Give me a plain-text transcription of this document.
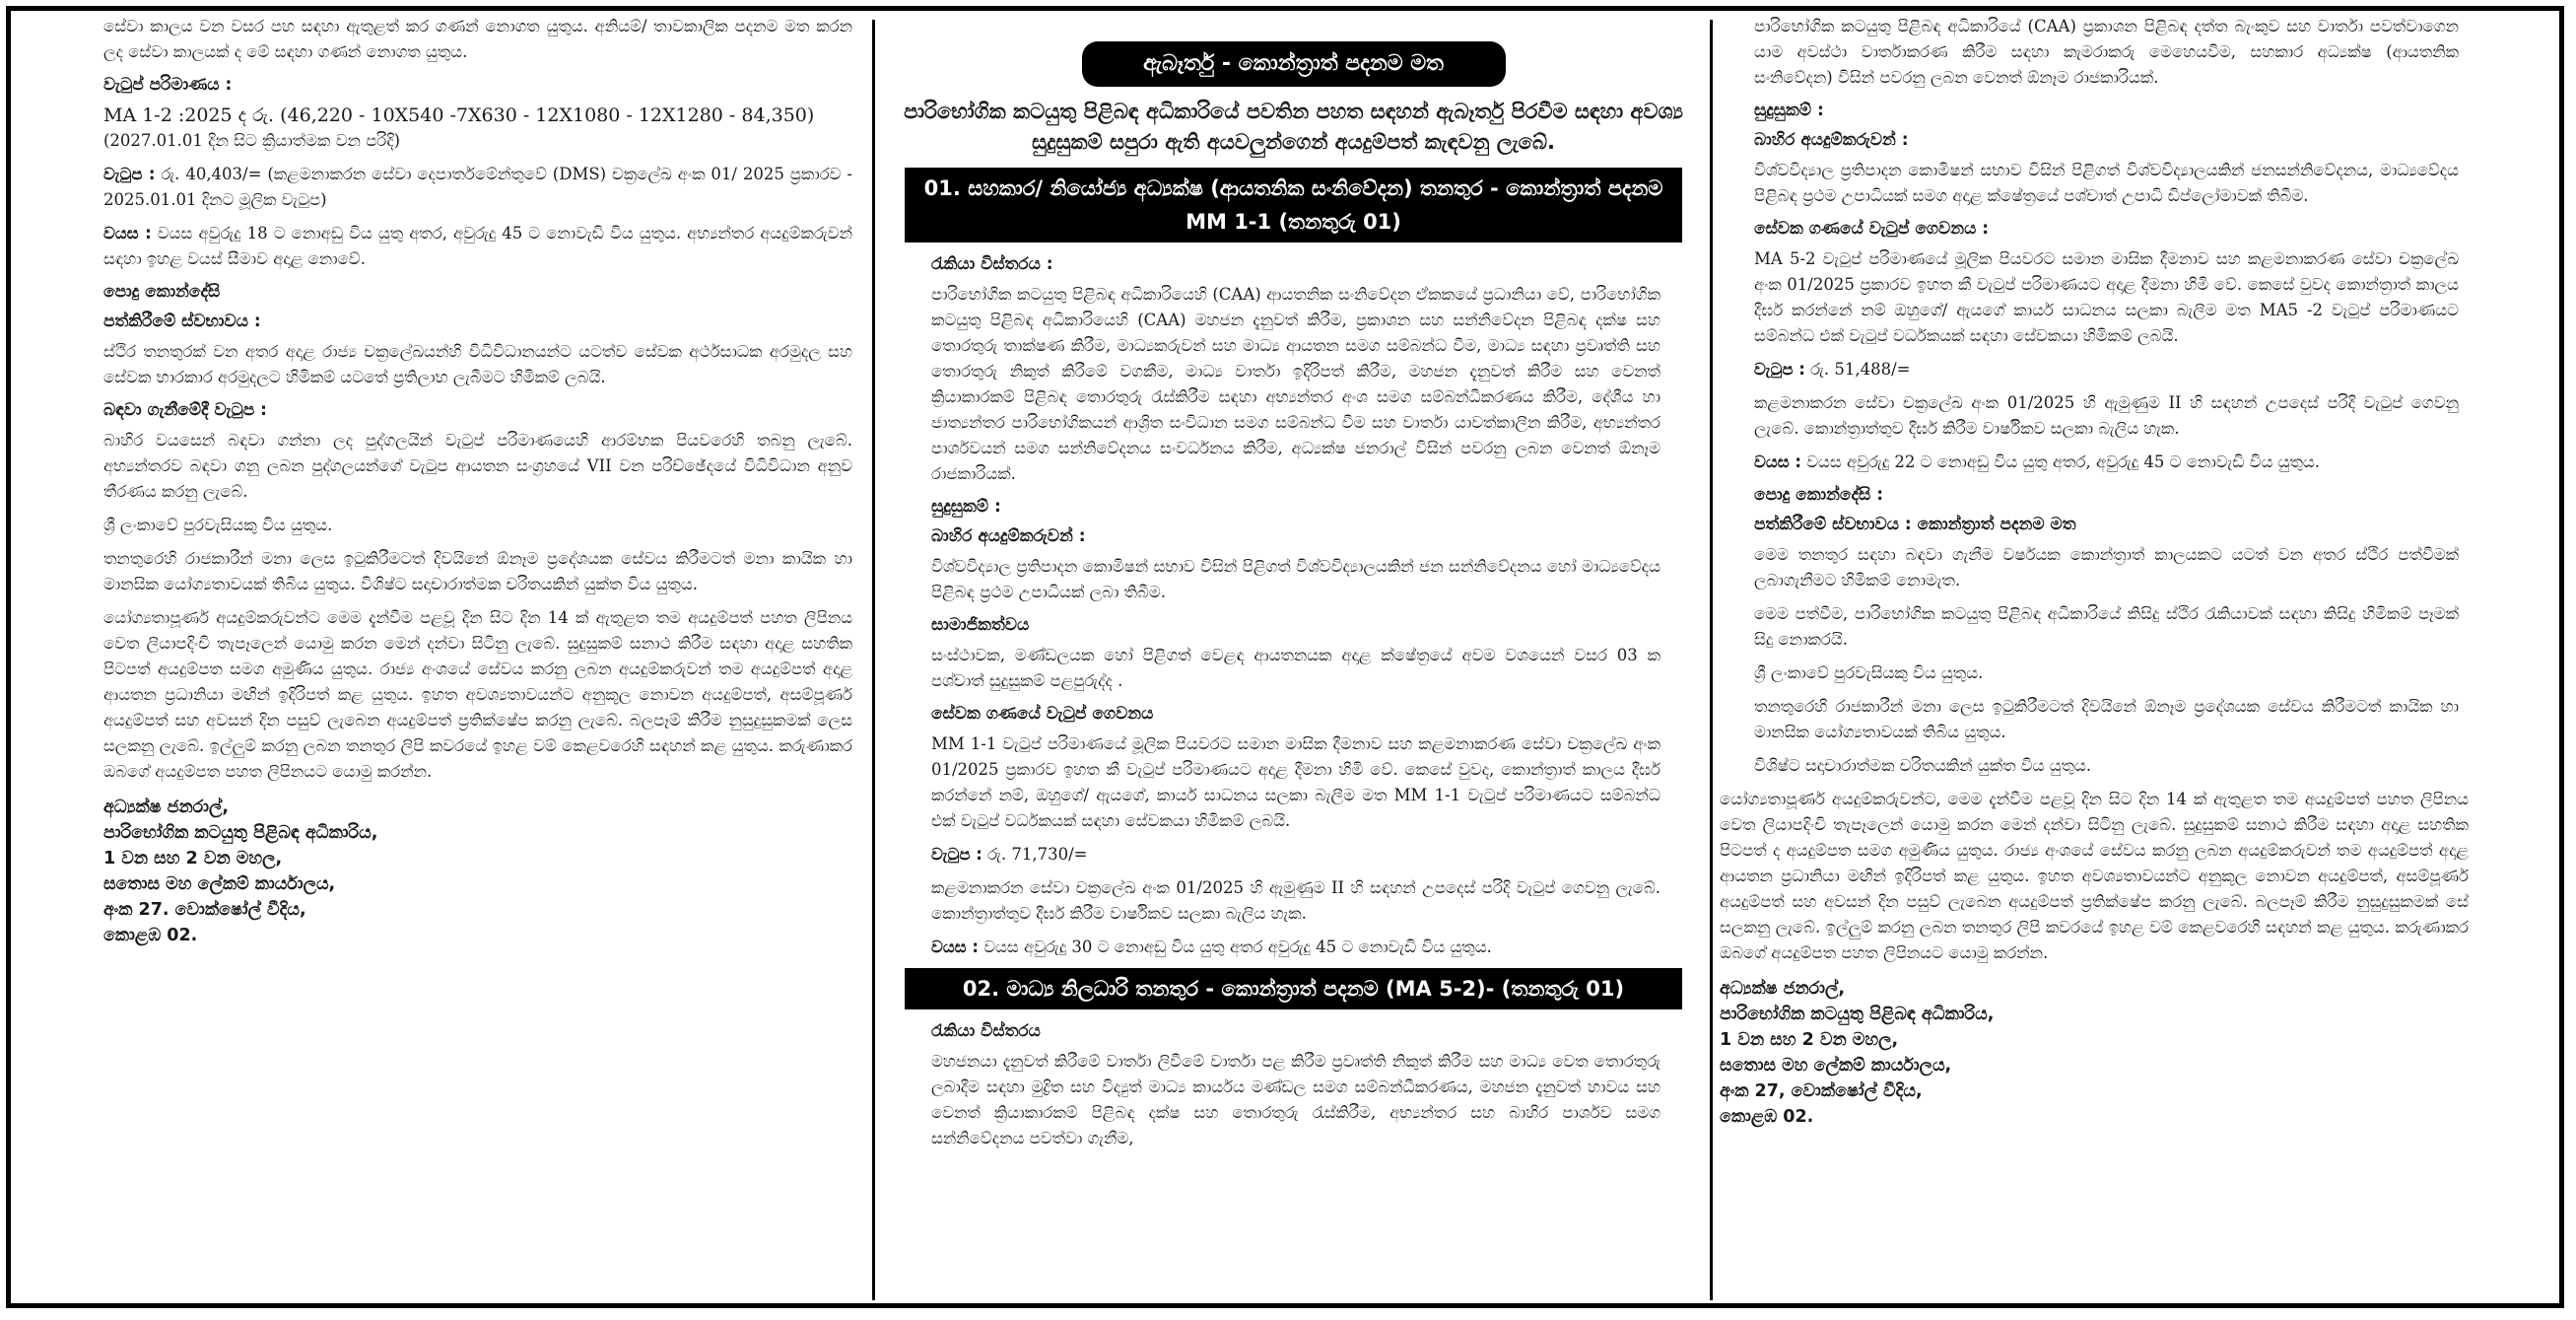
සේවා කාලය වන වසර පහ සඳහා ඇතුළත් කර ගණන් නොගත යුතුය. අනියම්/ තාවකාලික පදනම මත කරන ලද සේවා කාලයක් ද මේ සඳහා ගණන් නොගත යුතුය.

වැටුප් පරිමාණය :

MA 1-2 :2025 ද රු. (46,220 - 10X540 -7X630 - 12X1080 - 12X1280 - 84,350)

(2027.01.01 දින සිට ක්‍රියාත්මක වන පරිදි)

වැටුප : රු. 40,403/= (කළමනාකරන සේවා දෙපාර්තමේන්තුවේ (DMS) චක්‍රලේඛ අංක 01/ 2025 ප්‍රකාරව - 2025.01.01 දිනට මූලික වැටුප)

වයස : වයස අවුරුදු 18 ට නොඅඩු විය යුතු අතර, අවුරුදු 45 ට නොවැඩි විය යුතුය. අභ්‍යන්තර අයදුම්කරුවන් සඳහා ඉහළ වයස් සීමාව අදාළ නොවේ.

පොදු කොන්දේසි
පත්කිරීමේ ස්වභාවය :

ස්ථිර තනතුරක් වන අතර අදාළ රාජ්‍ය චක්‍රලේඛයන්හි විධිවිධානයන්ට යටත්ව සේවක අර්ථසාධක අරමුදල සහ සේවක භාරකාර අරමුදලට හිමිකම් යටතේ ප්‍රතිලාභ ලැබීමට හිමිකම් ලබයි.

බඳවා ගැනීමේදී වැටුප :

බාහිර වයසෙන් බඳවා ගන්නා ලද පුද්ගලයින් වැටුප් පරිමාණයෙහි ආරම්භක පියවරෙහි තබනු ලැබේ. අභ්‍යන්තරව බඳවා ගනු ලබන පුද්ගලයන්ගේ වැටුප ආයතන සංග්‍රහයේ VII වන පරිච්ඡේදයේ විධිවිධාන අනුව තීරණය කරනු ලැබේ.

ශ්‍රී ලංකාවේ පුරවැසියකු විය යුතුය.

තනතුරෙහි රාජකාරීන් මනා ලෙස ඉටුකිරීමටත් දිවයිනේ ඕනෑම ප්‍රදේශයක සේවය කිරීමටත් මනා කායික හා මානසික යෝග්‍යතාවයක් තිබිය යුතුය. විශිෂ්ට සදාචාරාත්මක චරිතයකින් යුක්ත විය යුතුය.

යෝග්‍යතාපූර්ණ අයදුම්කරුවන්ට මෙම දැන්වීම පළවූ දින සිට දින 14 ක් ඇතුළත තම අයදුම්පත් පහත ලිපිනය වෙත ලියාපදිංචි තැපෑලෙන් යොමු කරන මෙන් දන්වා සිටිනු ලැබේ. සුදුසුකම් සනාථ කිරීම සඳහා අදාළ සහතික පිටපත් අයදුම්පත සමග අමුණිය යුතුය. රාජ්‍ය අංශයේ සේවය කරනු ලබන අයදුම්කරුවන් තම අයදුම්පත් අදාළ ආයතන ප්‍රධානියා මඟින් ඉදිරිපත් කළ යුතුය. ඉහත අවශ්‍යතාවයන්ට අනුකූල නොවන අයදුම්පත්, අසම්පූර්ණ අයදුම්පත් සහ අවසන් දින පසුව් ලැබෙන අයදුම්පත් ප්‍රතික්ෂේප කරනු ලැබේ. බලපෑම් කිරීම නුසුදුසුකමක් ලෙස සලකනු ලැබේ. ඉල්ලුම් කරනු ලබන තනතුර ලිපි කවරයේ ඉහළ වම් කෙළවරෙහි සඳහන් කළ යුතුය. කරුණාකර ඔබගේ අයදුම්පත පහත ලිපිනයට යොමු කරන්න.

අධ්‍යක්ෂ ජනරාල්,
පාරිභෝගික කටයුතු පිළිබඳ අධිකාරිය,
1 වන සහ 2 වන මහල,
සතොස මහ ලේකම් කාර්යාලය,
අංක 27. වොක්ෂෝල් වීදිය,
කොළඹ 02.
ඇබෑර්තු - කොන්ත්‍රාත් පදනම මත
පාරිභෝගික කටයුතු පිළිබඳ අධිකාරියේ පවතින පහත සඳහන් ඇබෑර්තු පිරවීම සඳහා අවශ්‍ය සුදුසුකම් සපුරා ඇති අයවලුන්ගෙන් අයදුම්පත් කැඳවනු ලැබේ.
01. සහකාර/ නියෝජ්‍ය අධ්‍යක්ෂ (ආයතනික සංනිවේදන) තනතුර - කොන්ත්‍රාත් පදනම MM 1-1 (තනතුරු 01)
රැකියා විස්තරය :

පාරිභෝගික කටයුතු පිළිබඳ අධිකාරියෙහි (CAA) ආයතනික සංනිවේදන ඒකකයේ ප්‍රධානියා වේ, පාරිභෝගික කටයුතු පිළිබඳ අධිකාරියෙහි (CAA) මහජන දැනුවත් කිරීම, ප්‍රකාශන සහ සන්නිවේදන පිළිබඳ දක්ෂ සහ තොරතුරු තාක්ෂණ කිරීම, මාධ්‍යකරුවන් සහ මාධ්‍ය ආයතන සමග සම්බන්ධ වීම, මාධ්‍ය සඳහා ප්‍රවෘත්ති සහ තොරතුරු නිකුත් කිරීමේ වගකීම, මාධ්‍ය වාර්තා ඉදිරිපත් කිරීම, මහජන දැනුවත් කිරීම සහ වෙනත් ක්‍රියාකාරකම් පිළිබඳ තොරතුරු රැස්කිරීම සඳහා අභ්‍යන්තර අංශ සමග සම්බන්ධීකරණය කිරීම, දේශීය හා ජාත්‍යන්තර පාරිභෝගිකයන් ආශ්‍රිත සංවිධාන සමග සම්බන්ධ වීම සහ වාර්තා යාවත්කාලීන කිරීම, අභ්‍යන්තර පාර්ශවයන් සමග සන්නිවේදනය සංවර්ධනය කිරීම, අධ්‍යක්ෂ ජනරාල් විසින් පවරනු ලබන වෙනත් ඕනෑම රාජකාරියක්.

සුදුසුකම් :
බාහිර අයදුම්කරුවන් :

විශ්වවිද්‍යාල ප්‍රතිපාදන කොමිෂන් සභාව විසින් පිළිගත් විශ්වවිද්‍යාලයකින් ජන සන්නිවේදනය හෝ මාධ්‍යවේදය පිළිබඳ ප්‍රථම උපාධියක් ලබා තිබීම.

සාමාජිකත්වය

සංස්ථාවක, මණ්ඩලයක හෝ පිළිගත් වෙළඳ ආයතනයක අදාළ ක්ෂේත්‍රයේ අවම වශයෙන් වසර 03 ක පශ්චාත් සුදුසුකම් පළපුරුද්ද .

සේවක ගණයේ වැටුප් ගෙවනය

MM 1-1 වැටුප් පරිමාණයේ මූලික පියවරට සමාන මාසික දීමනාව සහ කළමනාකරණ සේවා චක්‍රලේඛ අංක 01/2025 ප්‍රකාරව ඉහත කී වැටුප් පරිමාණයට අදාළ දීමනා හිමි වේ. කෙසේ වුවද, කොන්ත්‍රාත් කාලය දීර්ඝ කරන්නේ නම්, ඔහුගේ/ ඇයගේ, කාර්ය සාධනය සලකා බැලීම මත MM 1-1 වැටුප් පරිමාණයට සම්බන්ධ එක් වැටුප් වර්ධකයක් සඳහා සේවකයා හිමිකම් ලබයි.

වැටුප : රු. 71,730/=

කළමනාකරන සේවා චක්‍රලේඛ අංක 01/2025 හි ඇමුණුම II හි සඳහන් උපදෙස් පරිදි වැටුප් ගෙවනු ලැබේ. කොන්ත්‍රාත්තුව දීර්ඝ කිරීම වාර්ෂිකව සලකා බැලිය හැක.

වයස : වයස අවුරුදු 30 ට නොඅඩු විය යුතු අතර අවුරුදු 45 ට නොවැඩි විය යුතුය.

02. මාධ්‍ය නිලධාරි තනතුර - කොන්ත්‍රාත් පදනම (MA 5-2)- (තනතුරු 01)
රැකියා විස්තරය

මහජනයා දැනුවත් කිරීමේ වාර්තා ලිවීමේ වාර්තා පළ කිරීම ප්‍රවෘත්ති නිකුත් කිරීම සහ මාධ්‍ය වෙත තොරතුරු ලබාදීම සඳහා මුද්‍රිත සහ විද්‍යුත් මාධ්‍ය කාර්යය මණ්ඩල සමග සම්බන්ධීකරණය, මහජන දැනුවත් හාවය සහ වෙනත් ක්‍රියාකාරකම් පිළිබඳ දක්ෂ සහ තොරතුරු රැස්කිරීම, අභ්‍යන්තර සහ බාහිර පාර්ශව සමග සන්නිවේදනය පවත්වා ගැනීම,

පාරිභෝගික කටයුතු පිළිබඳ අධිකාරියේ (CAA) ප්‍රකාශන පිළිබඳ දත්ත බැංකුව සහ වාර්තා පවත්වාගෙන යාම අවස්ථා වාර්තාකරණ කිරීම සඳහා කැමරාකරු මෙහෙයවීම, සහකාර අධ්‍යක්ෂ (ආයතනික සංනිවේදන) විසින් පවරනු ලබන වෙනත් ඕනෑම රාජකාරියක්.

සුදුසුකම් :
බාහිර අයදුම්කරුවන් :

විශ්වවිද්‍යාල ප්‍රතිපාදන කොමිෂන් සභාව විසින් පිළිගත් විශ්වවිද්‍යාලයකින් ජනසන්නිවේදනය, මාධ්‍යවේදය පිළිබඳ ප්‍රථම උපාධියක් සමග අදාළ ක්ෂේත්‍රයේ පශ්චාත් උපාධි ඩිප්ලෝමාවක් තිබීම.

සේවක ගණයේ වැටුප් ගෙවනය :

MA 5-2 වැටුප් පරිමාණයේ මූලික පියවරට සමාන මාසික දීමනාව සහ කළමනාකරණ සේවා චක්‍රලේඛ අංක 01/2025 ප්‍රකාරව ඉහත කී වැටුප් පරිමාණයට අදාළ දීමනා හිමි වේ. කෙසේ වුවද කොන්ත්‍රාත් කාලය දීර්ඝ කරන්නේ නම් ඔහුගේ/ ඇයගේ කාර්ය සාධනය සලකා බැලීම මත MA5 -2 වැටුප් පරිමාණයට සම්බන්ධ එක් වැටුප් වර්ධකයක් සඳහා සේවකයා හිමිකම් ලබයි.

වැටුප : රු. 51,488/=

කළමනාකරන සේවා චක්‍රලේඛ අංක 01/2025 හි ඇමුණුම II හි සඳහන් උපදෙස් පරිදි වැටුප් ගෙවනු ලැබේ. කොන්ත්‍රාත්තුව දීර්ඝ කිරීම වාර්ෂිකව සලකා බැලිය හැක.

වයස : වයස අවුරුදු 22 ට නොඅඩු විය යුතු අතර, අවුරුදු 45 ට නොවැඩි විය යුතුය.

පොදු කොන්දේසි :
පත්කිරීමේ ස්වභාවය : කොන්ත්‍රාත් පදනම මත

මෙම තනතුර සඳහා බඳවා ගැනීම වර්ෂයක කොන්ත්‍රාත් කාලයකට යටත් වන අතර ස්ථිර පත්වීමක් ලබාගැනීමට හිමිකම් නොමැත.

මෙම පත්වීම, පාරිභෝගික කටයුතු පිළිබඳ අධිකාරියේ කිසිදු ස්ථිර රැකියාවක් සඳහා කිසිදු හිමිකම් පෑමක් සිදු නොකරයි.

ශ්‍රී ලංකාවේ පුරවැසියකු විය යුතුය.

තනතුරෙහි රාජකාරීන් මනා ලෙස ඉටුකිරීමටත් දිවයිනේ ඕනෑම ප්‍රදේශයක සේවය කිරීමටත් කායික හා මානසික යෝග්‍යතාවයක් තිබිය යුතුය.

විශිෂ්ට සදාචාරාත්මක චරිතයකින් යුක්ත විය යුතුය.

යෝග්‍යතාපූර්ණ අයදුම්කරුවන්ට, මෙම දැන්වීම පළවූ දින සිට දින 14 ක් ඇතුළත තම අයදුම්පත් පහත ලිපිනය වෙත ලියාපදිංචි තැපෑලෙන් යොමු කරන මෙන් දන්වා සිටිනු ලැබේ. සුදුසුකම් සනාථ කිරීම සඳහා අදාළ සහතික පිටපත් ද අයදුම්පත සමග අමුණිය යුතුය. රාජ්‍ය අංශයේ සේවය කරනු ලබන අයදුම්කරුවන් තම අයදුම්පත් අදාළ ආයතන ප්‍රධානියා මඟින් ඉදිරිපත් කළ යුතුය. ඉහත අවශ්‍යතාවයන්ට අනුකූල නොවන අයදුම්පත්, අසම්පූර්ණ අයදුම්පත් සහ අවසන් දින පසුව් ලැබෙන අයදුම්පත් ප්‍රතික්ෂේප කරනු ලැබේ. බලපෑම් කිරීම නුසුදුසුකමක් සේ සලකනු ලැබේ. ඉල්ලුම් කරනු ලබන තනතුර ලිපි කවරයේ ඉහළ වම් කෙළවරෙහි සඳහන් කළ යුතුය. කරුණාකර ඔබගේ අයදුම්පත පහත ලිපිනයට යොමු කරන්න.

අධ්‍යක්ෂ ජනරාල්,
පාරිභෝගික කටයුතු පිළිබඳ අධිකාරිය,
1 වන සහ 2 වන මහල,
සතොස මහ ලේකම් කාර්යාලය,
අංක 27, වොක්ෂෝල් වීදිය,
කොළඹ 02.
